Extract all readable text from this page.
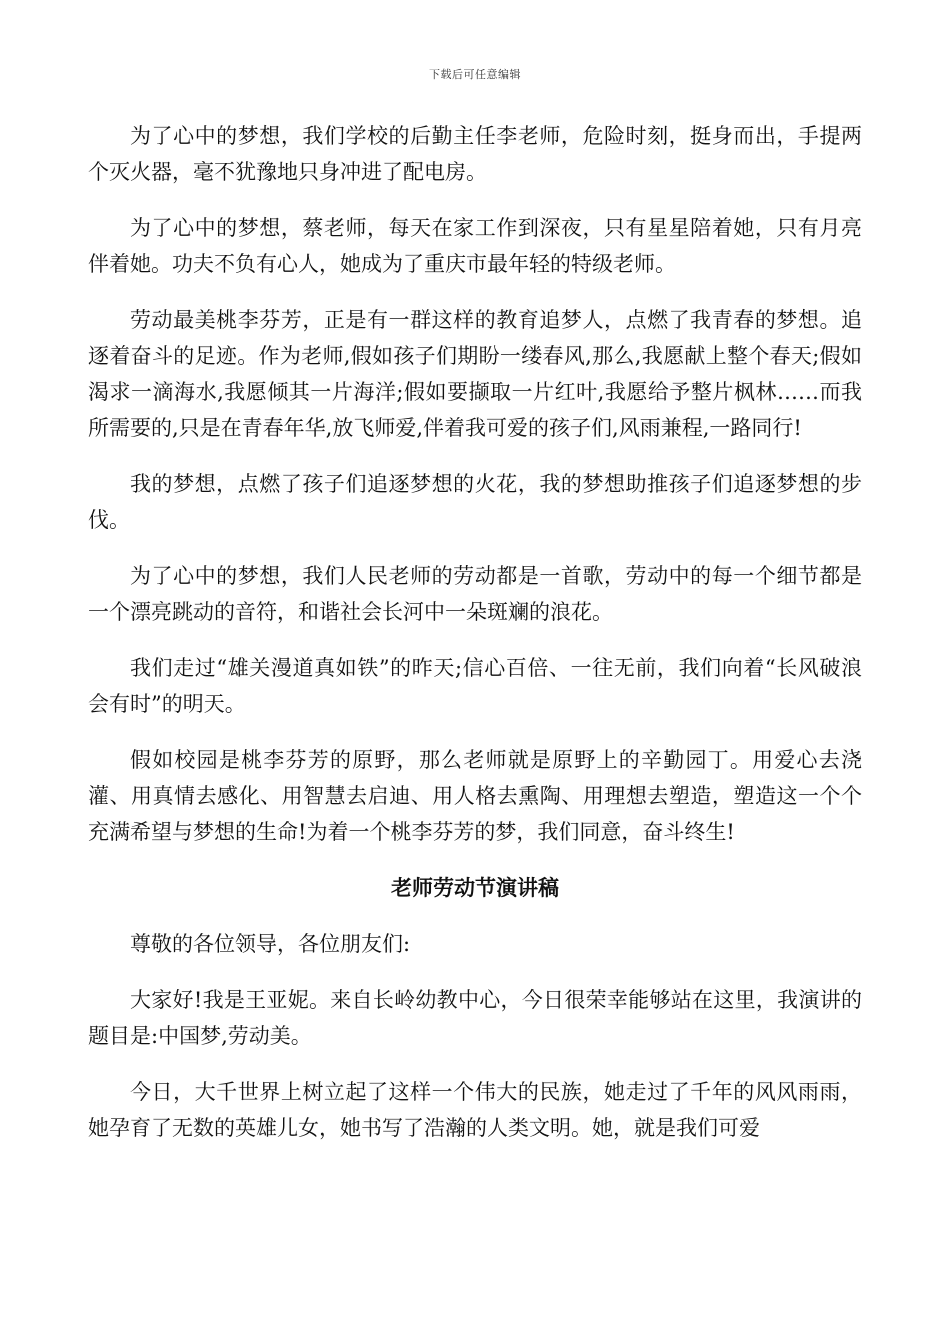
下载后可任意编辑

为了心中的梦想，我们学校的后勤主任李老师，危险时刻，挺身而出，手提两个灭火器，毫不犹豫地只身冲进了配电房。

为了心中的梦想，蔡老师，每天在家工作到深夜，只有星星陪着她，只有月亮伴着她。功夫不负有心人，她成为了重庆市最年轻的特级老师。

劳动最美桃李芬芳，正是有一群这样的教育追梦人，点燃了我青春的梦想。追逐着奋斗的足迹。作为老师,假如孩子们期盼一缕春风,那么,我愿献上整个春天;假如渴求一滴海水,我愿倾其一片海洋;假如要撷取一片红叶,我愿给予整片枫林……而我所需要的,只是在青春年华,放飞师爱,伴着我可爱的孩子们,风雨兼程,一路同行!

我的梦想，点燃了孩子们追逐梦想的火花，我的梦想助推孩子们追逐梦想的步伐。

为了心中的梦想，我们人民老师的劳动都是一首歌，劳动中的每一个细节都是一个漂亮跳动的音符，和谐社会长河中一朵斑斓的浪花。

我们走过“雄关漫道真如铁”的昨天;信心百倍、一往无前，我们向着“长风破浪会有时”的明天。

假如校园是桃李芬芳的原野，那么老师就是原野上的辛勤园丁。用爱心去浇灌、用真情去感化、用智慧去启迪、用人格去熏陶、用理想去塑造，塑造这一个个充满希望与梦想的生命!为着一个桃李芬芳的梦，我们同意，奋斗终生!

老师劳动节演讲稿

尊敬的各位领导，各位朋友们:

大家好!我是王亚妮。来自长岭幼教中心，今日很荣幸能够站在这里，我演讲的题目是:中国梦,劳动美。

今日，大千世界上树立起了这样一个伟大的民族，她走过了千年的风风雨雨，她孕育了无数的英雄儿女，她书写了浩瀚的人类文明。她，就是我们可爱
